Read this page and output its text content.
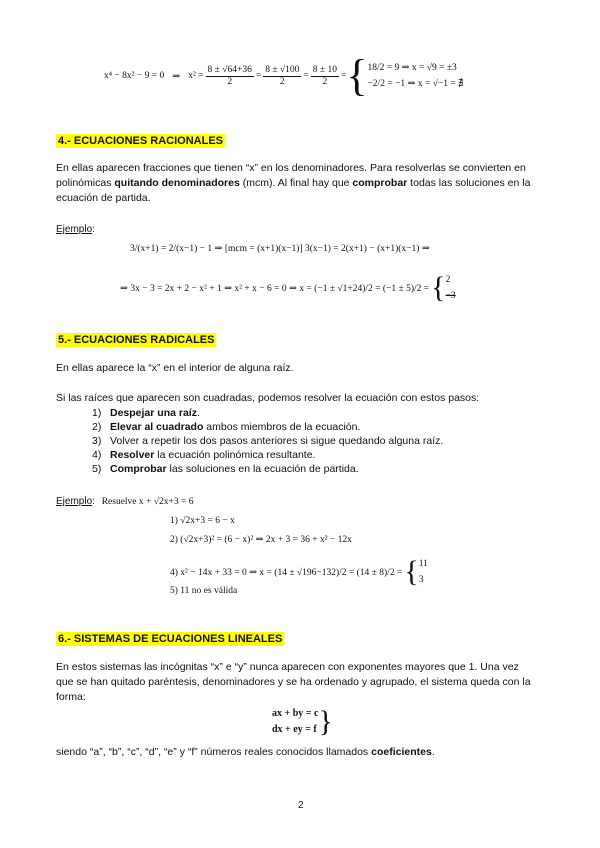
x⁴ − 8x² − 9 = 0 ⇒ $x^2 = \frac{8 \pm √64+36}{2} = \frac{8 \pm √100}{2} = \frac{8 \pm 10}{2}$ = { 18/2 = 9 ⇒ x = √9 = ±3
−2/2 = −1 ⇒ x = √−1 = ∄
4.- ECUACIONES RACIONALES
En ellas aparecen fracciones que tienen “x” en los denominadores. Para resolverlas se convierten en
polinómicas quitando denominadores (mcm). Al final hay que comprobar todas las soluciones en la
ecuación de partida.
Ejemplo:
3/(x+1) = 2/(x−1) − 1 ⇒ [mcm = (x+1)(x−1)] 3(x−1) = 2(x+1) − (x+1)(x−1) ⇒
⇒ 3x − 3 = 2x + 2 − x² + 1 ⇒ x² + x − 6 = 0 ⇒ x = (−1 ± √1+24)/2 = (−1 ± 5)/2 = { 2
−3
5.- ECUACIONES RADICALES
En ellas aparece la “x” en el interior de alguna raíz.
Si las raíces que aparecen son cuadradas, podemos resolver la ecuación con estos pasos:
1) Despejar una raíz.
2) Elevar al cuadrado ambos miembros de la ecuación.
3) Volver a repetir los dos pasos anteriores si sigue quedando alguna raíz.
4) Resolver la ecuación polinómica resultante.
5) Comprobar las soluciones en la ecuación de partida.
Ejemplo: Resuelve x + √2x+3 = 6
1) √2x+3 = 6 − x
2) (√2x+3)² = (6 − x)² ⇒ 2x + 3 = 36 + x² − 12x
4) x² − 14x + 33 = 0 ⇒ x = (14 ± √196−132)/2 = (14 ± 8)/2 = { 11
3
5) 11 no es válida
6.- SISTEMAS DE ECUACIONES LINEALES
En estos sistemas las incógnitas “x” e “y” nunca aparecen con exponentes mayores que 1. Una vez
que se han quitado paréntesis, denominadores y se ha ordenado y agrupado, el sistema queda con la
forma:
ax + by = c
dx + ey = f }
siendo “a”, “b”, “c”, “d”, “e” y “f” números reales conocidos llamados coeficientes.
2
